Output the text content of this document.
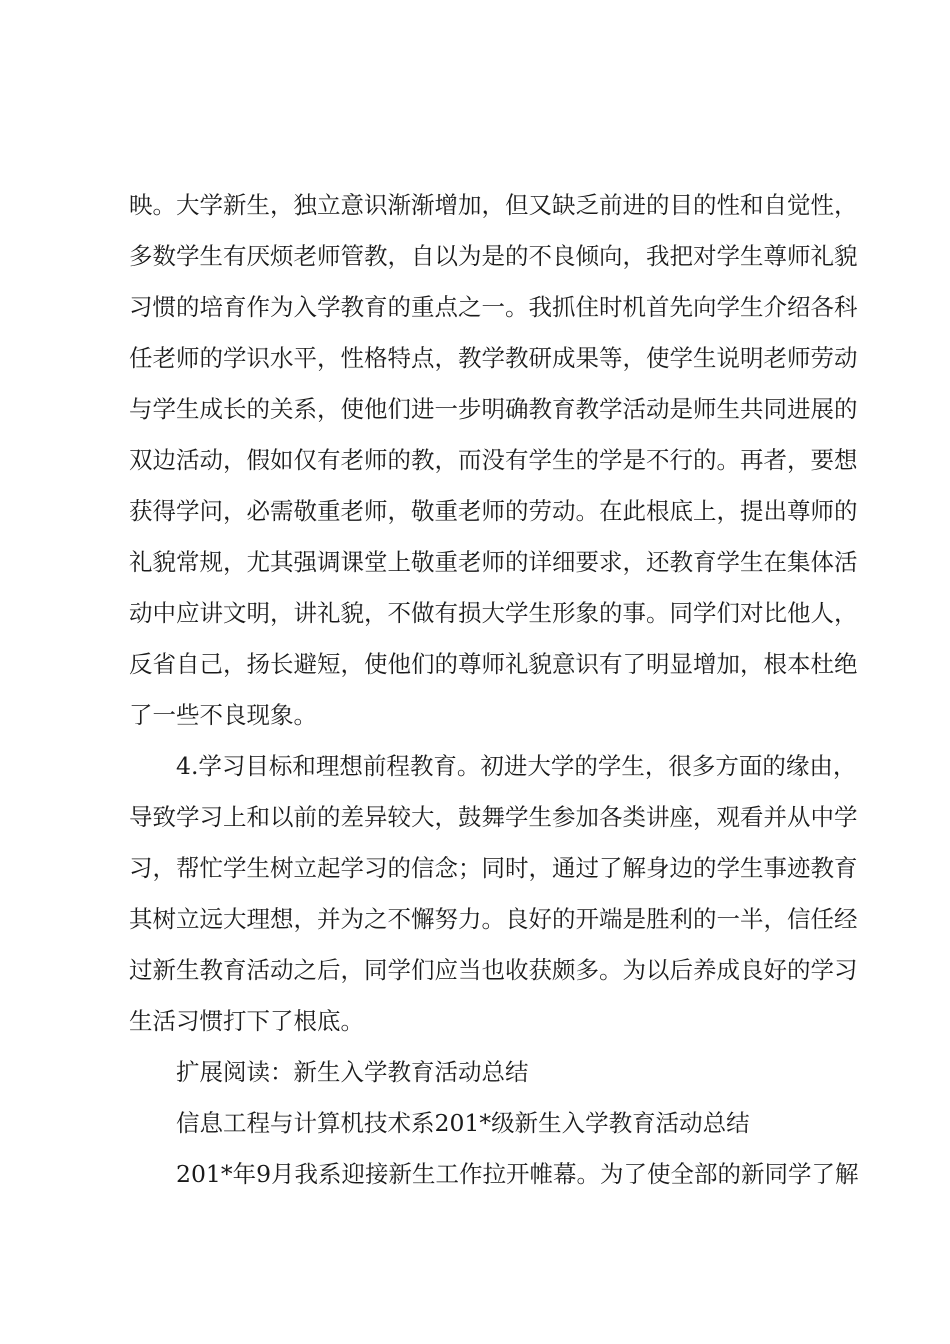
映。大学新生，独立意识渐渐增加，但又缺乏前进的目的性和自觉性，
多数学生有厌烦老师管教，自以为是的不良倾向，我把对学生尊师礼貌
习惯的培育作为入学教育的重点之一。我抓住时机首先向学生介绍各科
任老师的学识水平，性格特点，教学教研成果等，使学生说明老师劳动
与学生成长的关系，使他们进一步明确教育教学活动是师生共同进展的
双边活动，假如仅有老师的教，而没有学生的学是不行的。再者，要想
获得学问，必需敬重老师，敬重老师的劳动。在此根底上，提出尊师的
礼貌常规，尤其强调课堂上敬重老师的详细要求，还教育学生在集体活
动中应讲文明，讲礼貌，不做有损大学生形象的事。同学们对比他人，
反省自己，扬长避短，使他们的尊师礼貌意识有了明显增加，根本杜绝
了一些不良现象。
4.学习目标和理想前程教育。初进大学的学生，很多方面的缘由，
导致学习上和以前的差异较大，鼓舞学生参加各类讲座，观看并从中学
习，帮忙学生树立起学习的信念；同时，通过了解身边的学生事迹教育
其树立远大理想，并为之不懈努力。良好的开端是胜利的一半，信任经
过新生教育活动之后，同学们应当也收获颇多。为以后养成良好的学习
生活习惯打下了根底。
扩展阅读：新生入学教育活动总结
信息工程与计算机技术系201*级新生入学教育活动总结
201*年9月我系迎接新生工作拉开帷幕。为了使全部的新同学了解
